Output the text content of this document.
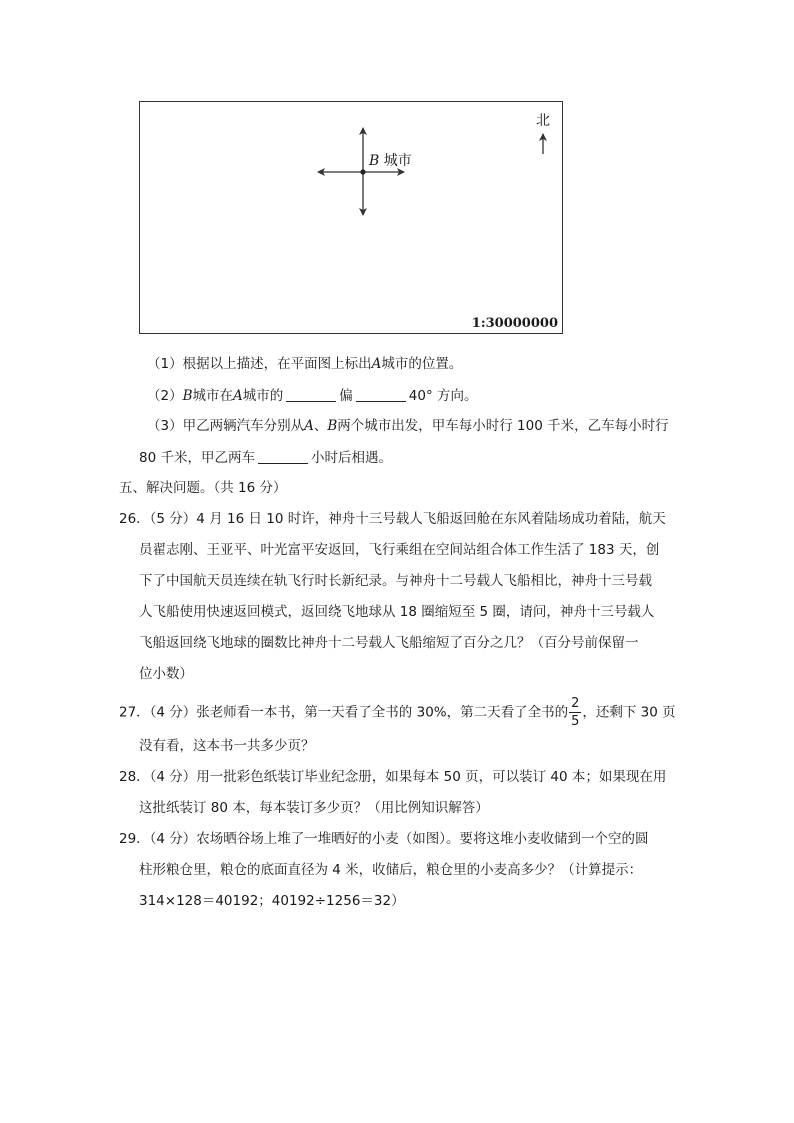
B 城市
北
1:30000000
（1）根据以上描述，在平面图上标出A城市的位置。
（2）B城市在A城市的	偏	40° 方向。
（3）甲乙两辆汽车分别从A、B两个城市出发，甲车每小时行 100 千米，乙车每小时行
80 千米，甲乙两车	小时后相遇。
五、解决问题。（共 16 分）
26．（5 分）4 月 16 日 10 时许，神舟十三号载人飞船返回舱在东风着陆场成功着陆，航天
员翟志刚、王亚平、叶光富平安返回，飞行乘组在空间站组合体工作生活了 183 天，创
下了中国航天员连续在轨飞行时长新纪录。与神舟十二号载人飞船相比，神舟十三号载
人飞船使用快速返回模式，返回绕飞地球从 18 圈缩短至 5 圈，请问，神舟十三号载人
飞船返回绕飞地球的圈数比神舟十二号载人飞船缩短了百分之几？（百分号前保留一
位小数）
27．（4 分）张老师看一本书，第一天看了全书的 30%，第二天看了全书的 $\frac{2}{5}$ ，还剩下 30 页
没有看，这本书一共多少页？
28．（4 分）用一批彩色纸装订毕业纪念册，如果每本 50 页，可以装订 40 本；如果现在用
这批纸装订 80 本，每本装订多少页？（用比例知识解答）
29．（4 分）农场晒谷场上堆了一堆晒好的小麦（如图）。要将这堆小麦收储到一个空的圆
柱形粮仓里，粮仓的底面直径为 4 米，收储后，粮仓里的小麦高多少？（计算提示：
314×128＝40192；40192÷1256＝32）
